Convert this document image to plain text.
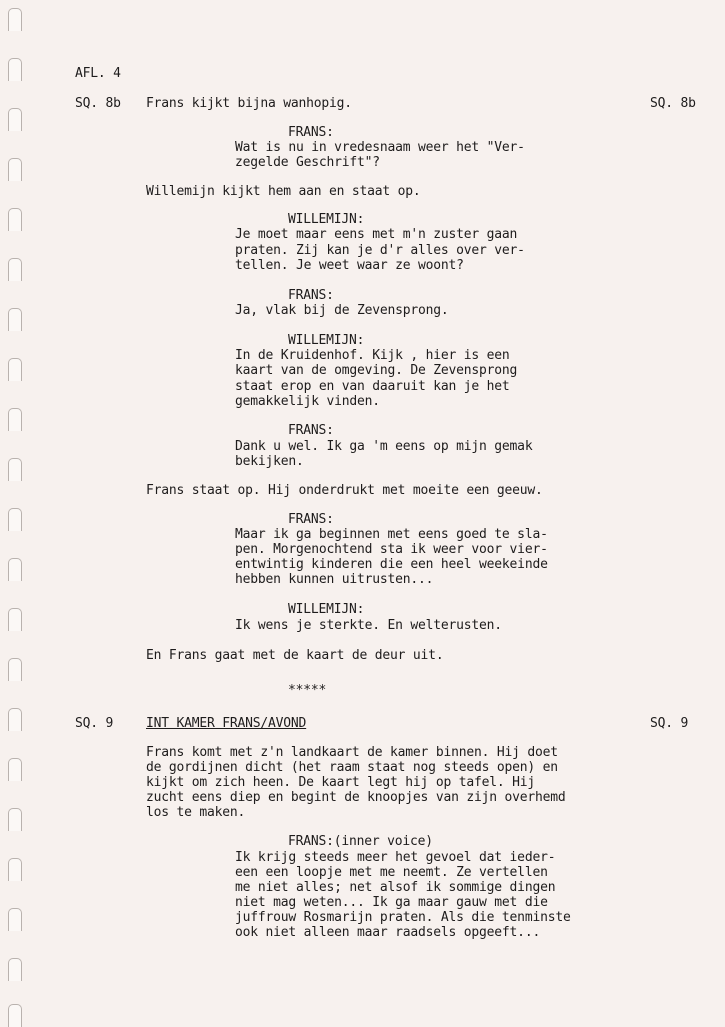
AFL. 4
SQ. 8b	SQ. 8b
Frans kijkt bijna wanhopig.
FRANS:
Wat is nu in vredesnaam weer het "Ver-
zegelde Geschrift"?
Willemijn kijkt hem aan en staat op.
WILLEMIJN:
Je moet maar eens met m'n zuster gaan
praten. Zij kan je d'r alles over ver-
tellen. Je weet waar ze woont?
FRANS:
Ja, vlak bij de Zevensprong.
WILLEMIJN:
In de Kruidenhof. Kijk , hier is een
kaart van de omgeving. De Zevensprong
staat erop en van daaruit kan je het
gemakkelijk vinden.
FRANS:
Dank u wel. Ik ga 'm eens op mijn gemak
bekijken.
Frans staat op. Hij onderdrukt met moeite een geeuw.
FRANS:
Maar ik ga beginnen met eens goed te sla-
pen. Morgenochtend sta ik weer voor vier-
entwintig kinderen die een heel weekeinde
hebben kunnen uitrusten...
WILLEMIJN:
Ik wens je sterkte. En welterusten.
En Frans gaat met de kaart de deur uit.
*****
SQ. 9	SQ. 9
INT KAMER FRANS/AVOND
Frans komt met z'n landkaart de kamer binnen. Hij doet
de gordijnen dicht (het raam staat nog steeds open) en
kijkt om zich heen. De kaart legt hij op tafel. Hij
zucht eens diep en begint de knoopjes van zijn overhemd
los te maken.
FRANS:(inner voice)
Ik krijg steeds meer het gevoel dat ieder-
een een loopje met me neemt. Ze vertellen
me niet alles; net alsof ik sommige dingen
niet mag weten... Ik ga maar gauw met die
juffrouw Rosmarijn praten. Als die tenminste
ook niet alleen maar raadsels opgeeft...
